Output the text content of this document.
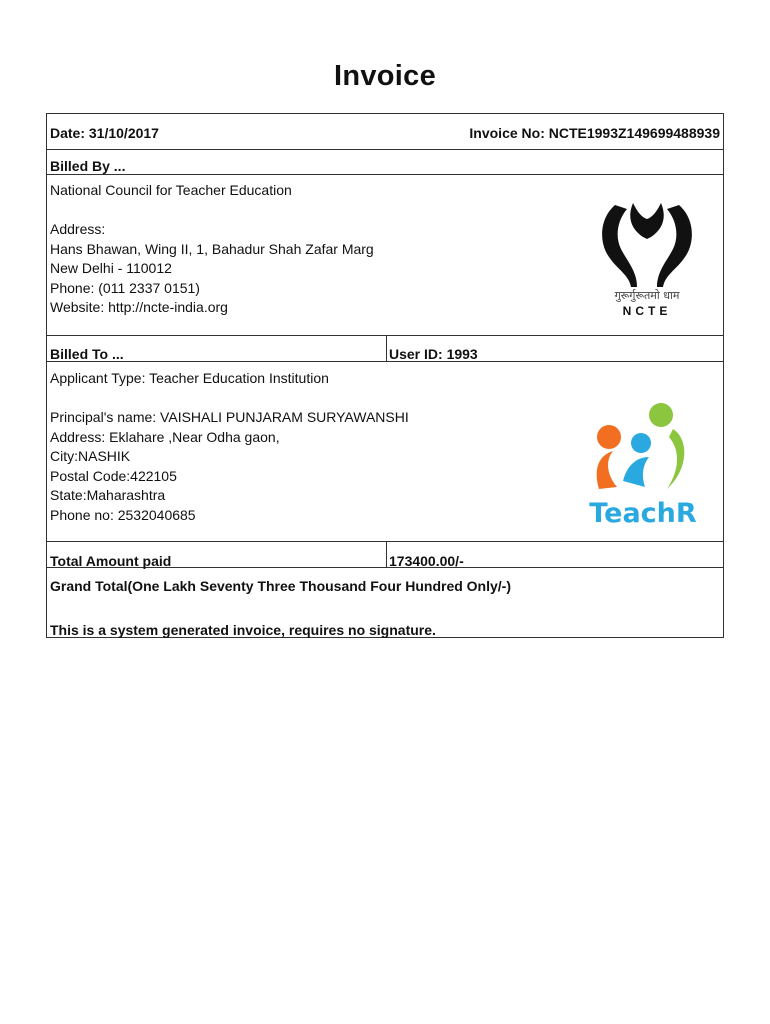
Invoice
Date: 31/10/2017	Invoice No: NCTE1993Z149699488939
Billed By ...
National Council for Teacher Education
Address:
Hans Bhawan, Wing II, 1, Bahadur Shah Zafar Marg
New Delhi - 110012
Phone: (011 2337 0151)
Website: http://ncte-india.org
गुरूर्गुरूतमो धाम
NCTE
Billed To ...	User ID: 1993
Applicant Type: Teacher Education Institution
Principal's name: VAISHALI PUNJARAM SURYAWANSHI
Address: Eklahare ,Near Odha gaon,
City:NASHIK
Postal Code:422105
State:Maharashtra
Phone no: 2532040685	TeachR
Total Amount paid	173400.00/-
Grand Total(One Lakh Seventy Three Thousand Four Hundred Only/-)
This is a system generated invoice, requires no signature.
